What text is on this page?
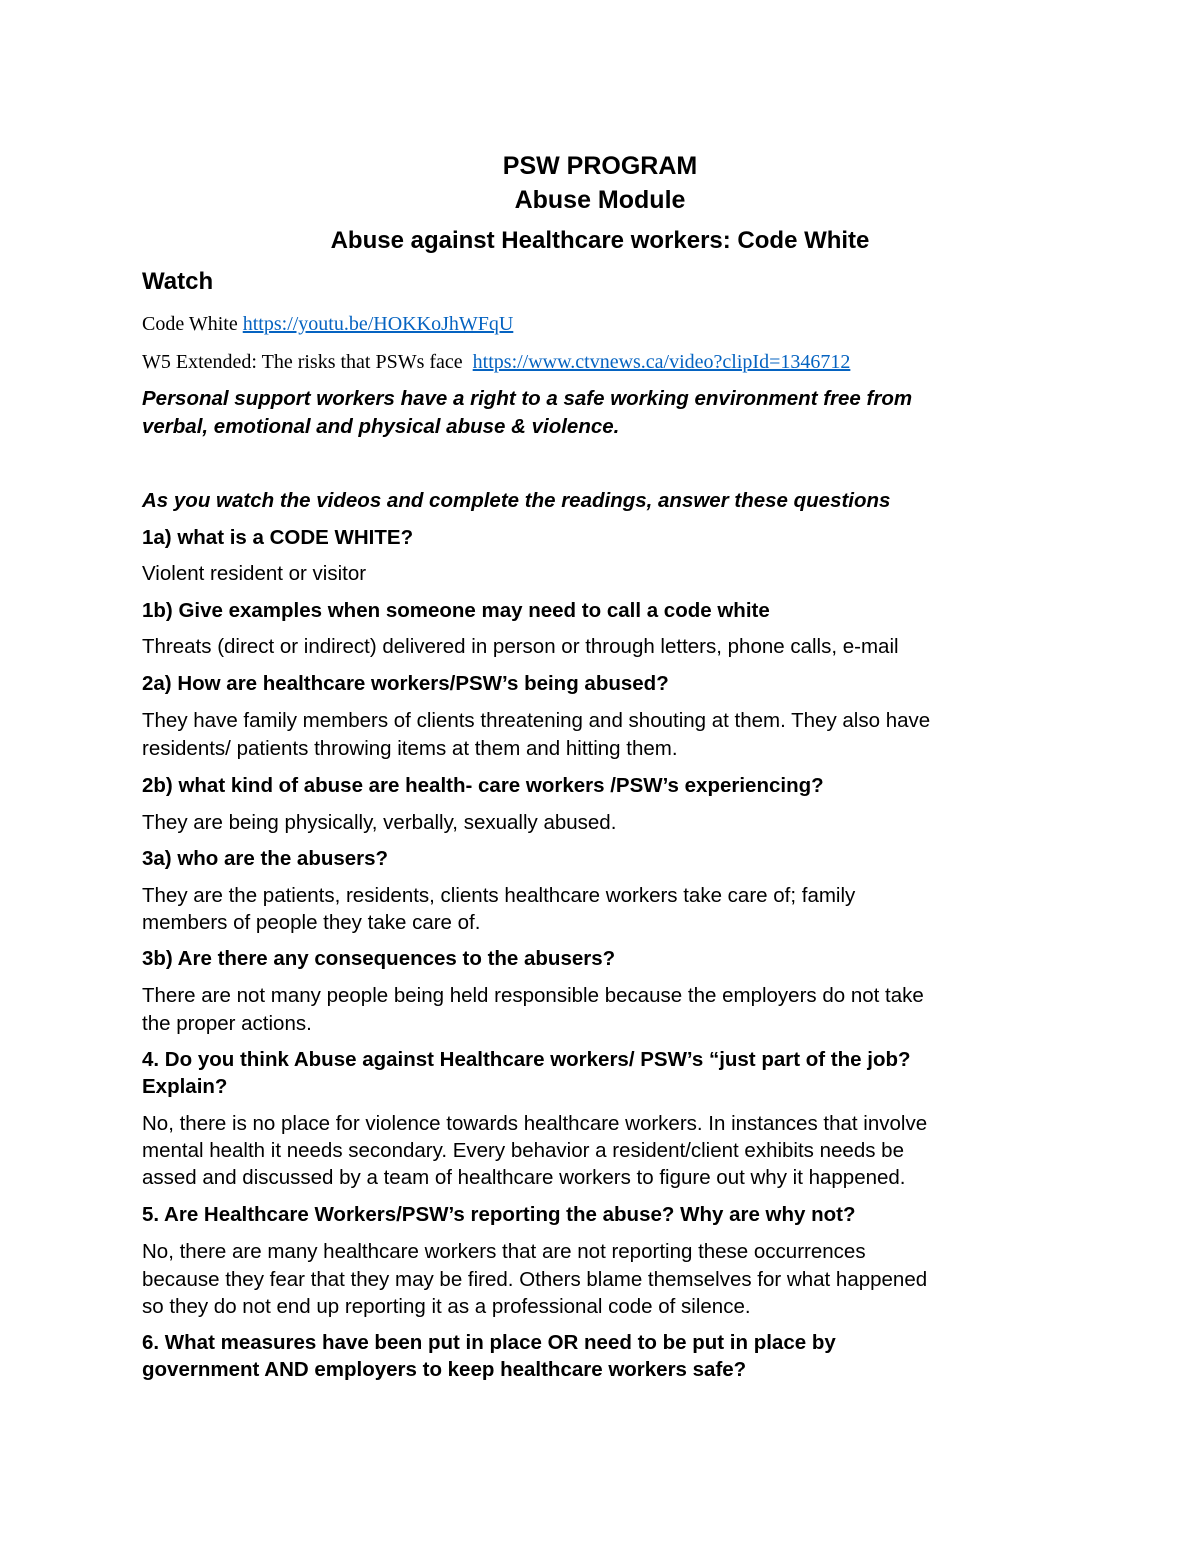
PSW PROGRAM
Abuse Module
Abuse against Healthcare workers: Code White
Watch
Code White https://youtu.be/HOKKoJhWFqU
W5 Extended: The risks that PSWs face  https://www.ctvnews.ca/video?clipId=1346712
Personal support workers have a right to a safe working environment free from
verbal, emotional and physical abuse & violence.
As you watch the videos and complete the readings, answer these questions
1a) what is a CODE WHITE?
Violent resident or visitor
1b) Give examples when someone may need to call a code white
Threats (direct or indirect) delivered in person or through letters, phone calls, e-mail
2a) How are healthcare workers/PSW’s being abused?
They have family members of clients threatening and shouting at them. They also have
residents/ patients throwing items at them and hitting them.
2b) what kind of abuse are health- care workers /PSW’s experiencing?
They are being physically, verbally, sexually abused.
3a) who are the abusers?
They are the patients, residents, clients healthcare workers take care of; family
members of people they take care of.
3b) Are there any consequences to the abusers?
There are not many people being held responsible because the employers do not take
the proper actions.
4. Do you think Abuse against Healthcare workers/ PSW’s “just part of the job?
Explain?
No, there is no place for violence towards healthcare workers. In instances that involve
mental health it needs secondary. Every behavior a resident/client exhibits needs be
assed and discussed by a team of healthcare workers to figure out why it happened.
5. Are Healthcare Workers/PSW’s reporting the abuse? Why are why not?
No, there are many healthcare workers that are not reporting these occurrences
because they fear that they may be fired. Others blame themselves for what happened
so they do not end up reporting it as a professional code of silence.
6. What measures have been put in place OR need to be put in place by
government AND employers to keep healthcare workers safe?
